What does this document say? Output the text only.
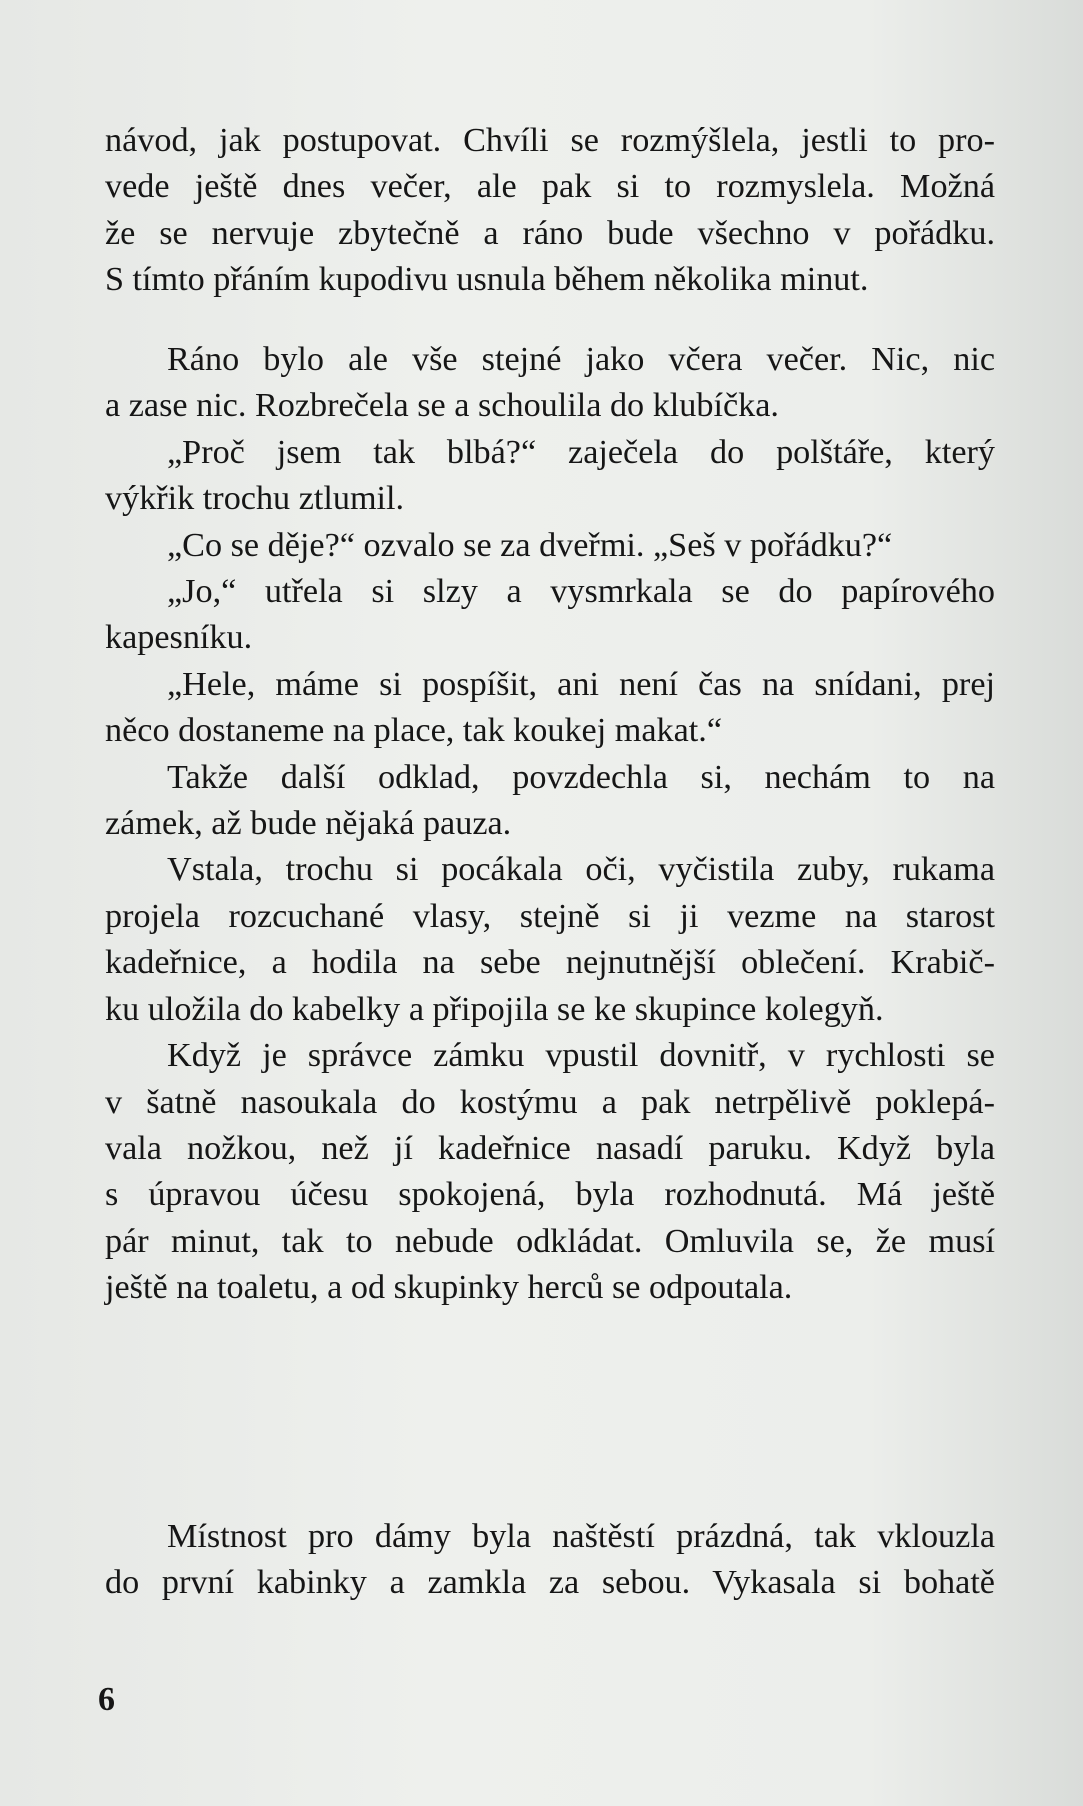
návod, jak postupovat. Chvíli se rozmýšlela, jestli to pro-
vede ještě dnes večer, ale pak si to rozmyslela. Možná
že se nervuje zbytečně a ráno bude všechno v pořádku.
S tímto přáním kupodivu usnula během několika minut.
Ráno bylo ale vše stejné jako včera večer. Nic, nic
a zase nic. Rozbrečela se a schoulila do klubíčka.
„Proč jsem tak blbá?“ zaječela do polštáře, který
výkřik trochu ztlumil.
„Co se děje?“ ozvalo se za dveřmi. „Seš v pořádku?“
„Jo,“ utřela si slzy a vysmrkala se do papírového
kapesníku.
„Hele, máme si pospíšit, ani není čas na snídani, prej
něco dostaneme na place, tak koukej makat.“
Takže další odklad, povzdechla si, nechám to na
zámek, až bude nějaká pauza.
Vstala, trochu si pocákala oči, vyčistila zuby, rukama
projela rozcuchané vlasy, stejně si ji vezme na starost
kadeřnice, a hodila na sebe nejnutnější oblečení. Krabič-
ku uložila do kabelky a připojila se ke skupince kolegyň.
Když je správce zámku vpustil dovnitř, v rychlosti se
v šatně nasoukala do kostýmu a pak netrpělivě poklepá-
vala nožkou, než jí kadeřnice nasadí paruku. Když byla
s úpravou účesu spokojená, byla rozhodnutá. Má ještě
pár minut, tak to nebude odkládat. Omluvila se, že musí
ještě na toaletu, a od skupinky herců se odpoutala.
Místnost pro dámy byla naštěstí prázdná, tak vklouzla
do první kabinky a zamkla za sebou. Vykasala si bohatě
6
